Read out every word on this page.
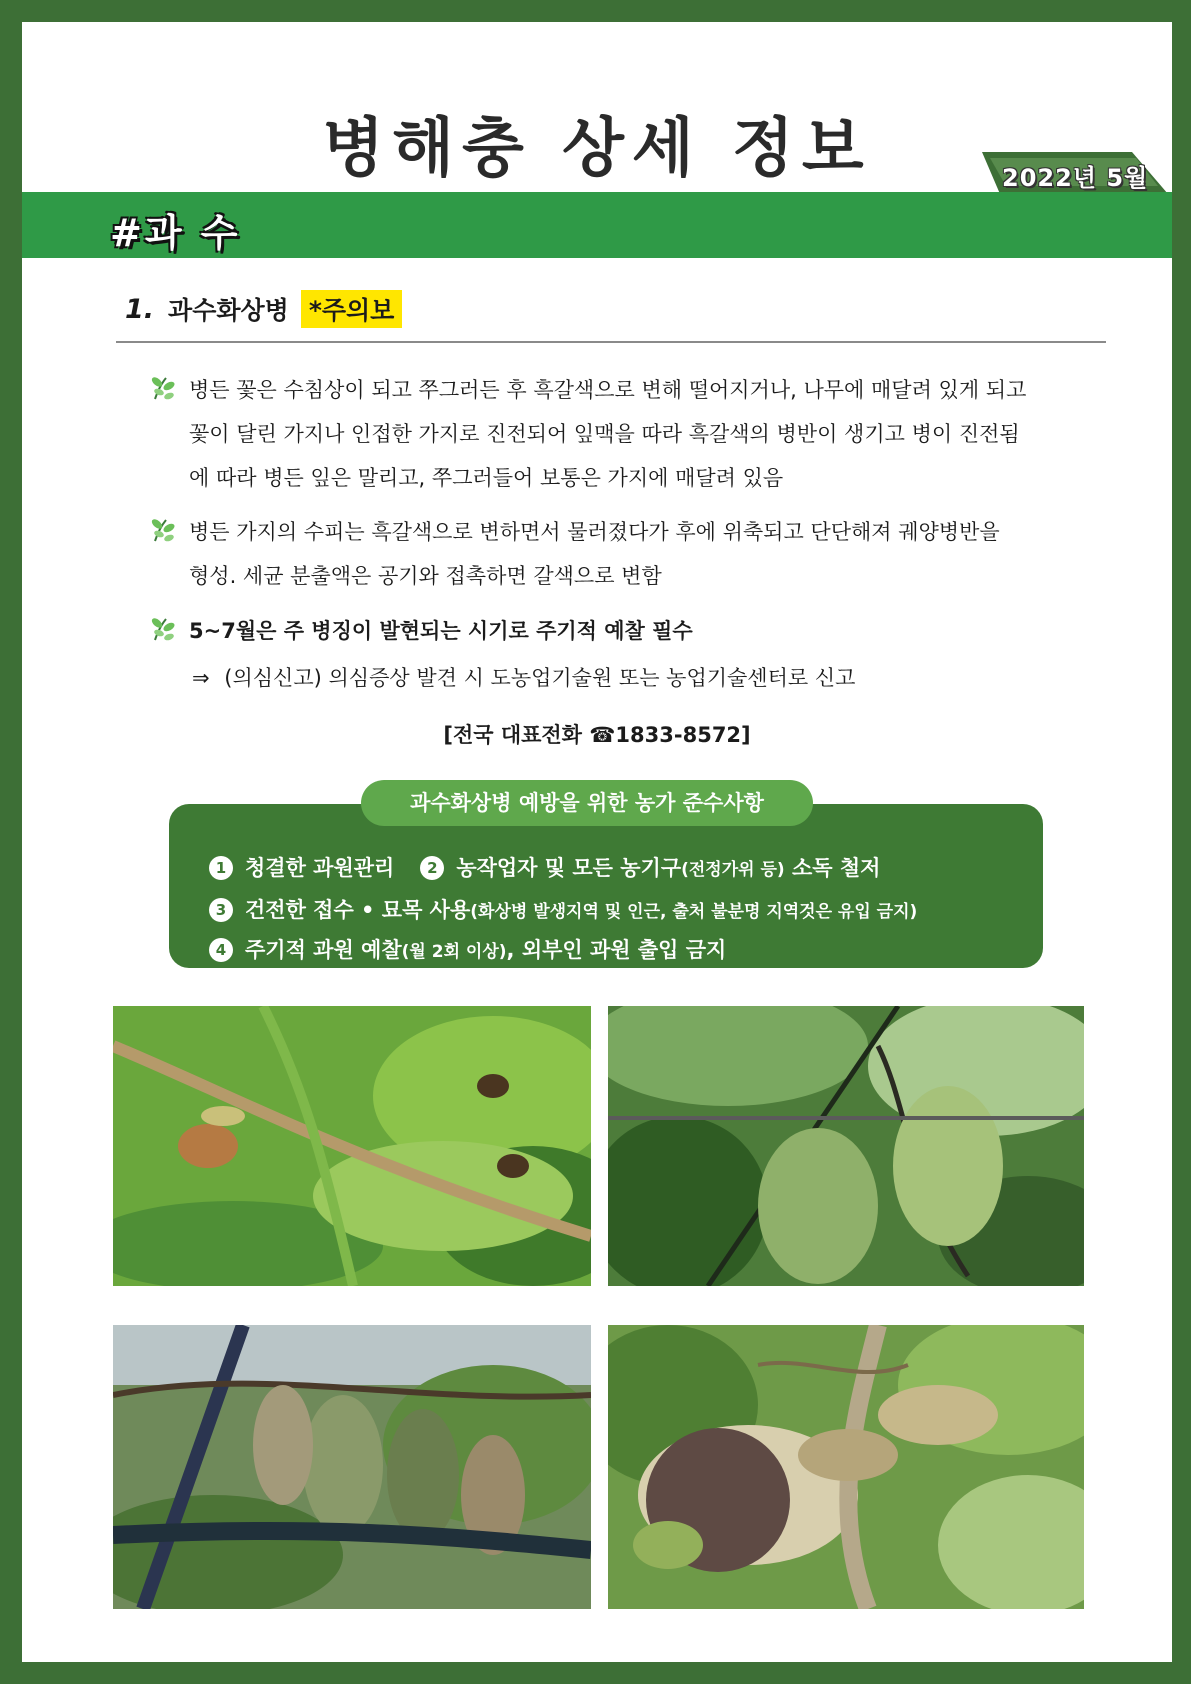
병해충 상세 정보	2022년 5월
#과 수
1. 과수화상병 *주의보
병든 꽃은 수침상이 되고 쭈그러든 후 흑갈색으로 변해 떨어지거나, 나무에 매달려 있게 되고
꽃이 달린 가지나 인접한 가지로 진전되어 잎맥을 따라 흑갈색의 병반이 생기고 병이 진전됨
에 따라 병든 잎은 말리고, 쭈그러들어 보통은 가지에 매달려 있음
병든 가지의 수피는 흑갈색으로 변하면서 물러졌다가 후에 위축되고 단단해져 궤양병반을
형성. 세균 분출액은 공기와 접촉하면 갈색으로 변함
5~7월은 주 병징이 발현되는 시기로 주기적 예찰 필수
⇒ (의심신고) 의심증상 발견 시 도농업기술원 또는 농업기술센터로 신고
[전국 대표전화 ☎1833-8572]
1 청결한 과원관리 2 농작업자 및 모든 농기구(전정가위 등) 소독 철저
3 건전한 접수 • 묘목 사용(화상병 발생지역 및 인근, 출처 불분명 지역것은 유입 금지)
4 주기적 과원 예찰(월 2회 이상), 외부인 과원 출입 금지
과수화상병 예방을 위한 농가 준수사항
